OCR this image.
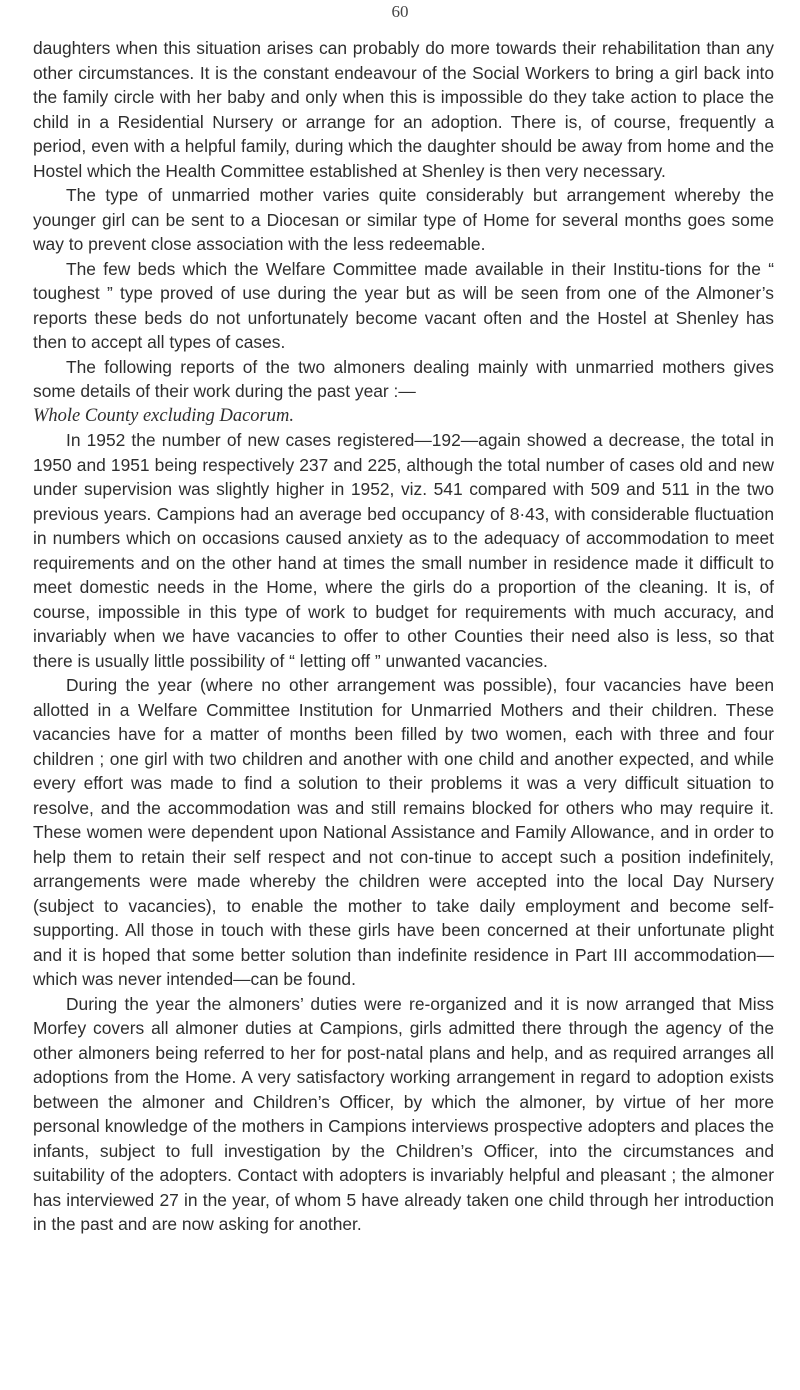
60

daughters when this situation arises can probably do more towards their rehabilitation than any other circumstances. It is the constant endeavour of the Social Workers to bring a girl back into the family circle with her baby and only when this is impossible do they take action to place the child in a Residential Nursery or arrange for an adoption. There is, of course, frequently a period, even with a helpful family, during which the daughter should be away from home and the Hostel which the Health Committee established at Shenley is then very necessary.

The type of unmarried mother varies quite considerably but arrangement whereby the younger girl can be sent to a Diocesan or similar type of Home for several months goes some way to prevent close association with the less redeemable.

The few beds which the Welfare Committee made available in their Institu-tions for the “ toughest ” type proved of use during the year but as will be seen from one of the Almoner’s reports these beds do not unfortunately become vacant often and the Hostel at Shenley has then to accept all types of cases.

The following reports of the two almoners dealing mainly with unmarried mothers gives some details of their work during the past year :—

Whole County excluding Dacorum.

In 1952 the number of new cases registered—192—again showed a decrease, the total in 1950 and 1951 being respectively 237 and 225, although the total number of cases old and new under supervision was slightly higher in 1952, viz. 541 compared with 509 and 511 in the two previous years. Campions had an average bed occupancy of 8·43, with considerable fluctuation in numbers which on occasions caused anxiety as to the adequacy of accommodation to meet requirements and on the other hand at times the small number in residence made it difficult to meet domestic needs in the Home, where the girls do a proportion of the cleaning. It is, of course, impossible in this type of work to budget for requirements with much accuracy, and invariably when we have vacancies to offer to other Counties their need also is less, so that there is usually little possibility of “ letting off ” unwanted vacancies.

During the year (where no other arrangement was possible), four vacancies have been allotted in a Welfare Committee Institution for Unmarried Mothers and their children. These vacancies have for a matter of months been filled by two women, each with three and four children ; one girl with two children and another with one child and another expected, and while every effort was made to find a solution to their problems it was a very difficult situation to resolve, and the accommodation was and still remains blocked for others who may require it. These women were dependent upon National Assistance and Family Allowance, and in order to help them to retain their self respect and not con-tinue to accept such a position indefinitely, arrangements were made whereby the children were accepted into the local Day Nursery (subject to vacancies), to enable the mother to take daily employment and become self-supporting. All those in touch with these girls have been concerned at their unfortunate plight and it is hoped that some better solution than indefinite residence in Part III accommodation—which was never intended—can be found.

During the year the almoners’ duties were re-organized and it is now arranged that Miss Morfey covers all almoner duties at Campions, girls admitted there through the agency of the other almoners being referred to her for post-natal plans and help, and as required arranges all adoptions from the Home. A very satisfactory working arrangement in regard to adoption exists between the almoner and Children’s Officer, by which the almoner, by virtue of her more personal knowledge of the mothers in Campions interviews prospective adopters and places the infants, subject to full investigation by the Children’s Officer, into the circumstances and suitability of the adopters. Contact with adopters is invariably helpful and pleasant ; the almoner has interviewed 27 in the year, of whom 5 have already taken one child through her introduction in the past and are now asking for another.
